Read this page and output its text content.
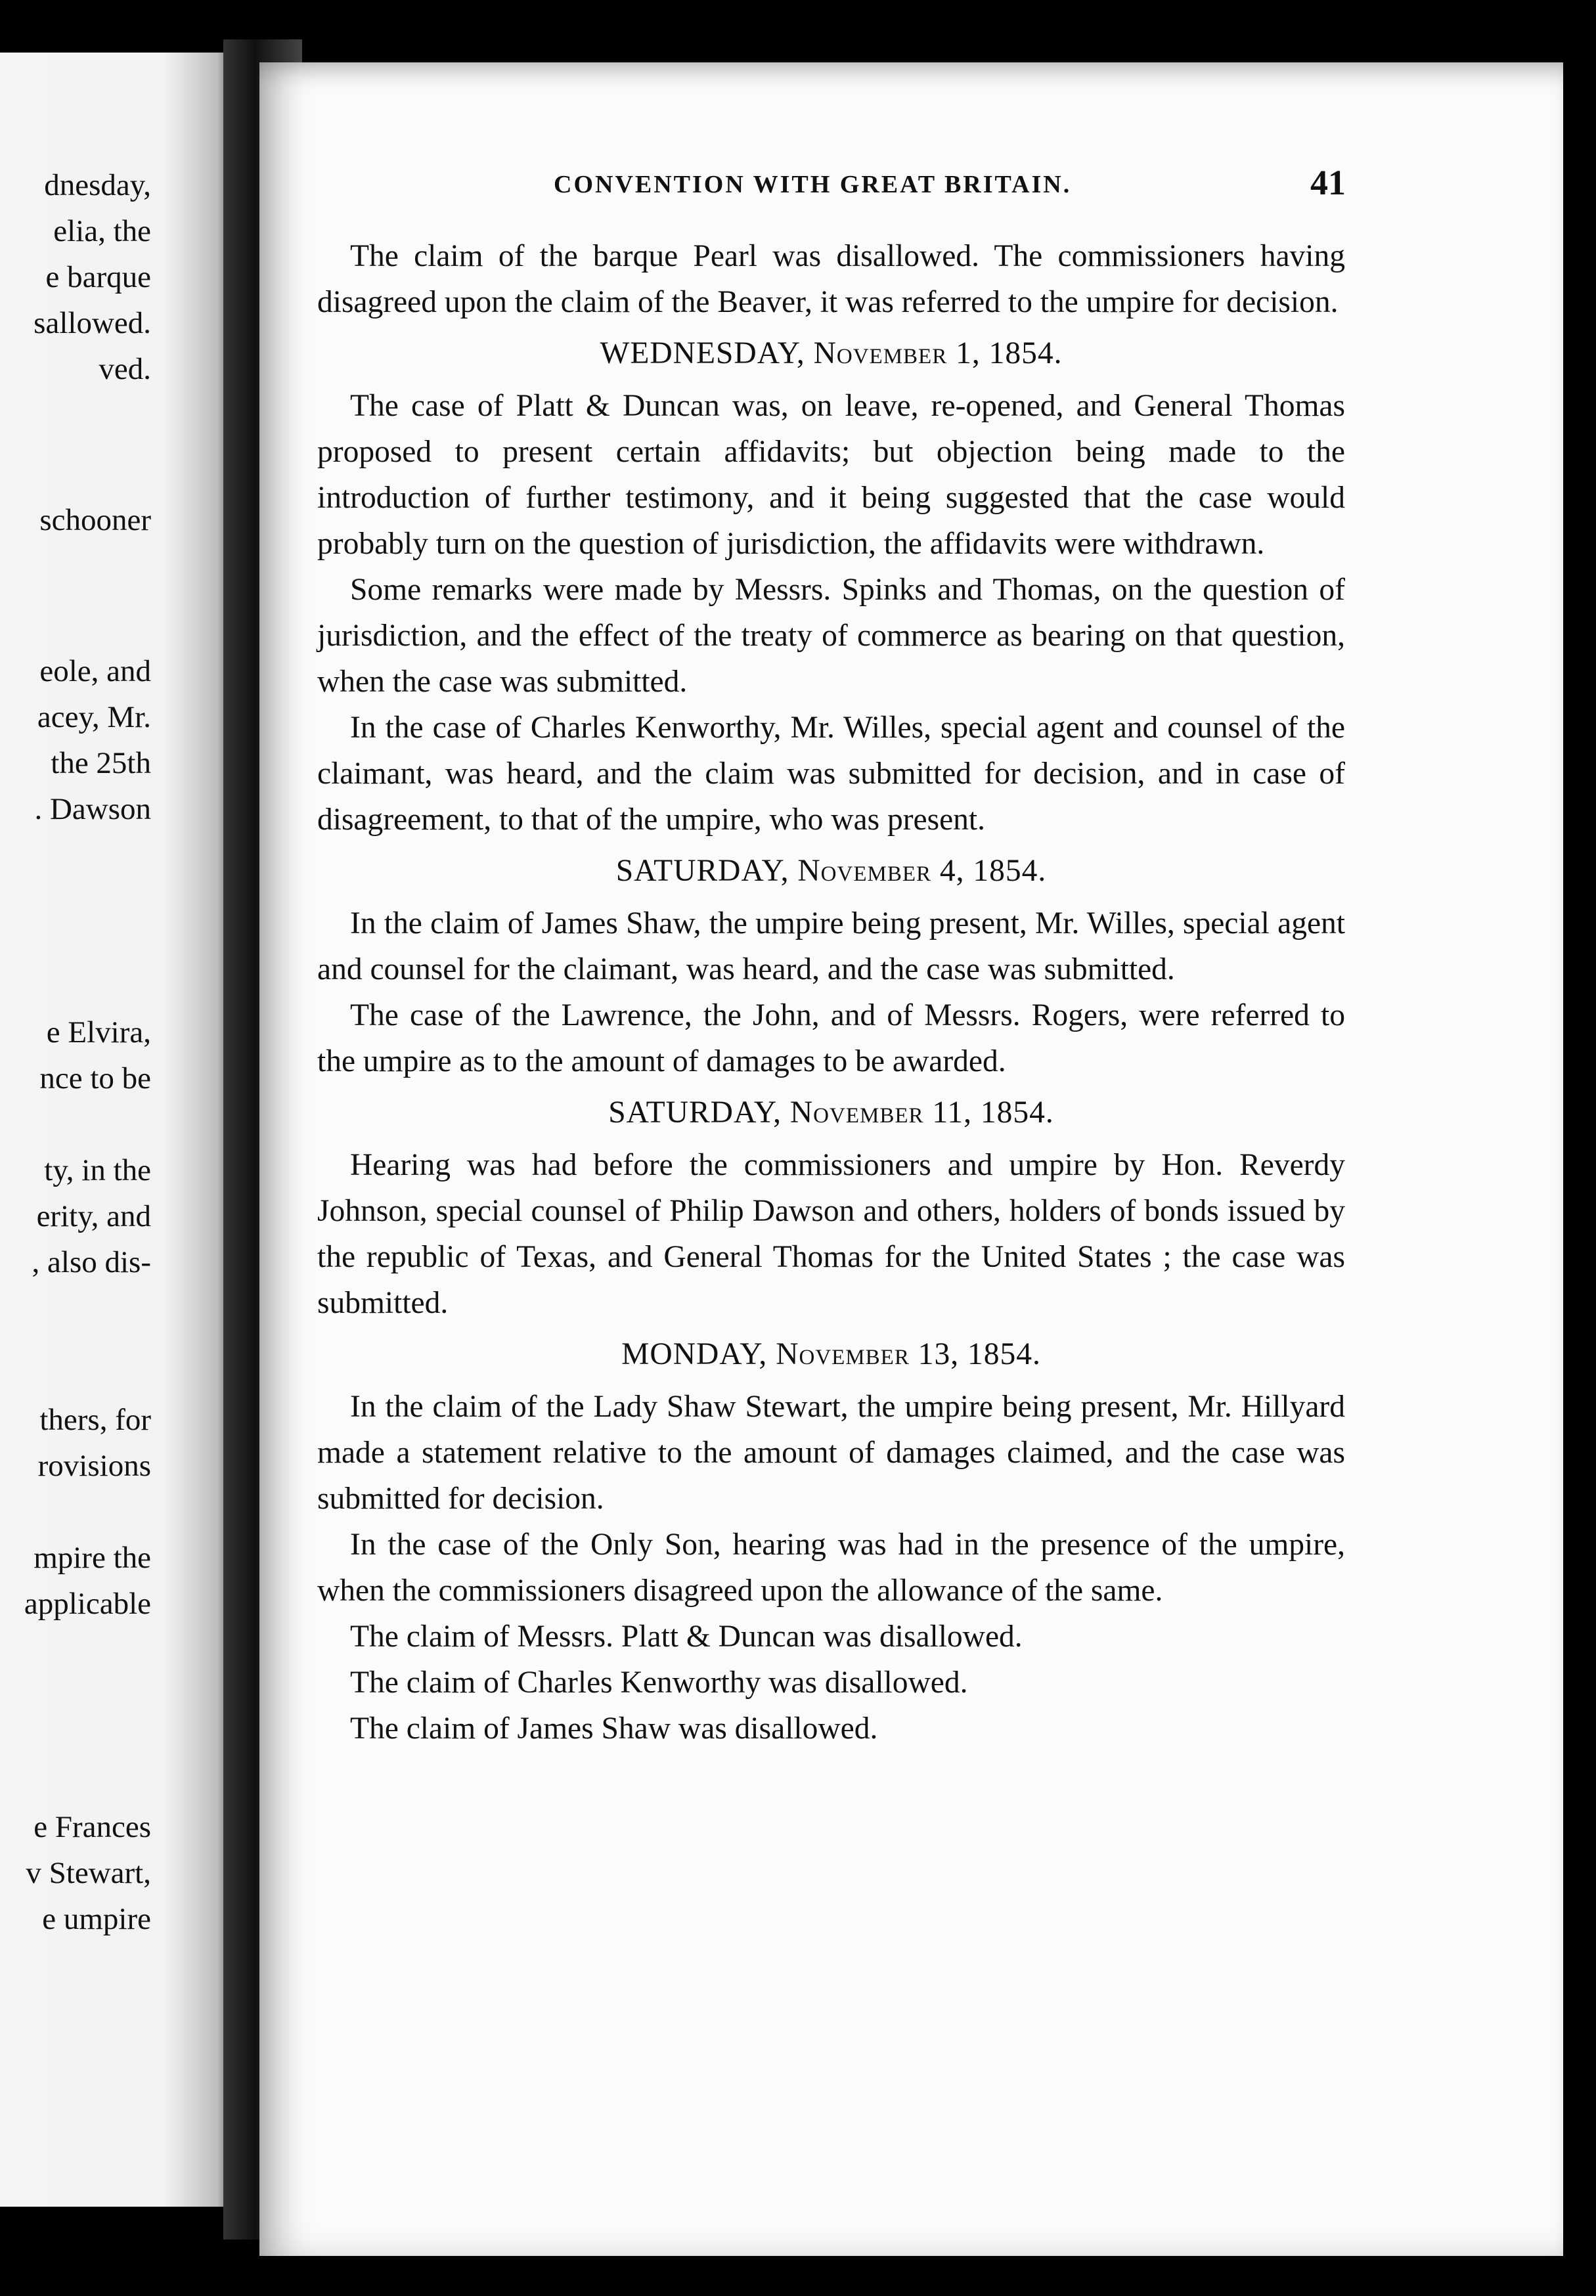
dnesday,
elia, the
e barque
sallowed.
ved.
schooner
eole, and
acey, Mr.
the 25th
. Dawson
e Elvira,
nce to be
ty, in the
erity, and
, also dis-
thers, for
rovisions
mpire the
applicable
e Frances
v Stewart,
e umpire
CONVENTION WITH GREAT BRITAIN.	41

The claim of the barque Pearl was disallowed. The commissioners having disagreed upon the claim of the Beaver, it was referred to the umpire for decision.

WEDNESDAY, November 1, 1854.

The case of Platt & Duncan was, on leave, re-opened, and General Thomas proposed to present certain affidavits; but objection being made to the introduction of further testimony, and it being suggested that the case would probably turn on the question of jurisdiction, the affidavits were withdrawn.

Some remarks were made by Messrs. Spinks and Thomas, on the question of jurisdiction, and the effect of the treaty of commerce as bearing on that question, when the case was submitted.

In the case of Charles Kenworthy, Mr. Willes, special agent and counsel of the claimant, was heard, and the claim was submitted for decision, and in case of disagreement, to that of the umpire, who was present.

SATURDAY, November 4, 1854.

In the claim of James Shaw, the umpire being present, Mr. Willes, special agent and counsel for the claimant, was heard, and the case was submitted.

The case of the Lawrence, the John, and of Messrs. Rogers, were referred to the umpire as to the amount of damages to be awarded.

SATURDAY, November 11, 1854.

Hearing was had before the commissioners and umpire by Hon. Reverdy Johnson, special counsel of Philip Dawson and others, holders of bonds issued by the republic of Texas, and General Thomas for the United States ; the case was submitted.

MONDAY, November 13, 1854.

In the claim of the Lady Shaw Stewart, the umpire being present, Mr. Hillyard made a statement relative to the amount of damages claimed, and the case was submitted for decision.

In the case of the Only Son, hearing was had in the presence of the umpire, when the commissioners disagreed upon the allowance of the same.

The claim of Messrs. Platt & Duncan was disallowed.

The claim of Charles Kenworthy was disallowed.

The claim of James Shaw was disallowed.
